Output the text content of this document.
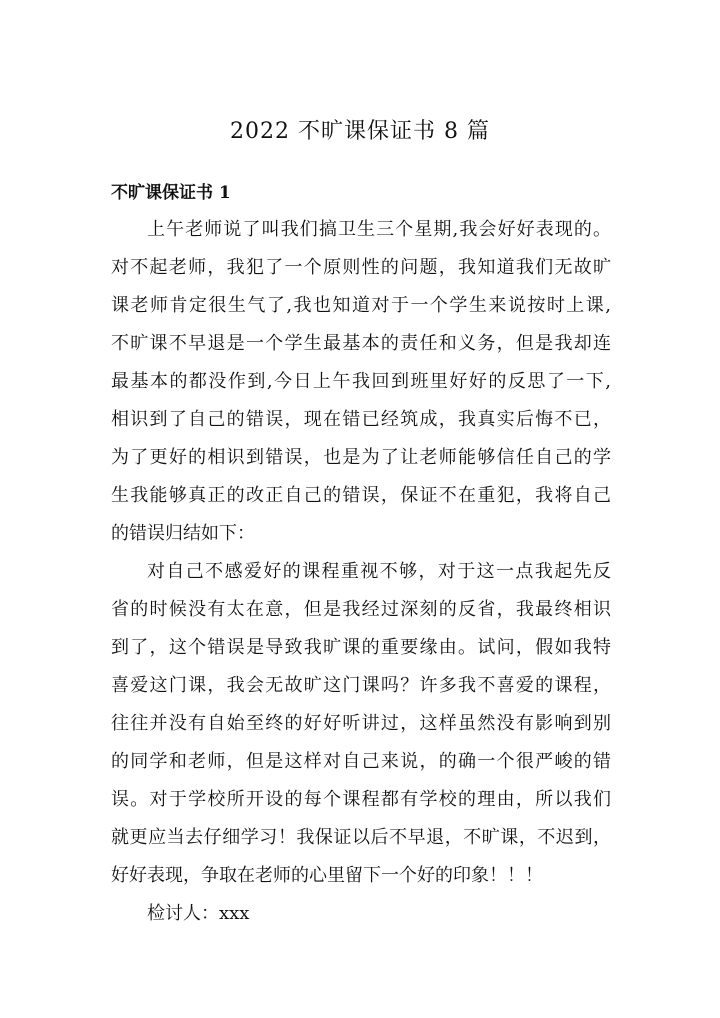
2022 不旷课保证书 8 篇
不旷课保证书 1
上午老师说了叫我们搞卫生三个星期,我会好好表现的。
对不起老师，我犯了一个原则性的问题，我知道我们无故旷
课老师肯定很生气了,我也知道对于一个学生来说按时上课,
不旷课不早退是一个学生最基本的责任和义务，但是我却连
最基本的都没作到,今日上午我回到班里好好的反思了一下,
相识到了自己的错误，现在错已经筑成，我真实后悔不已，
为了更好的相识到错误，也是为了让老师能够信任自己的学
生我能够真正的改正自己的错误，保证不在重犯，我将自己
的错误归结如下：
对自己不感爱好的课程重视不够，对于这一点我起先反
省的时候没有太在意，但是我经过深刻的反省，我最终相识
到了，这个错误是导致我旷课的重要缘由。试问，假如我特
喜爱这门课，我会无故旷这门课吗？许多我不喜爱的课程，
往往并没有自始至终的好好听讲过，这样虽然没有影响到别
的同学和老师，但是这样对自己来说，的确一个很严峻的错
误。对于学校所开设的每个课程都有学校的理由，所以我们
就更应当去仔细学习！我保证以后不早退，不旷课，不迟到，
好好表现，争取在老师的心里留下一个好的印象！！！
检讨人：xxx
